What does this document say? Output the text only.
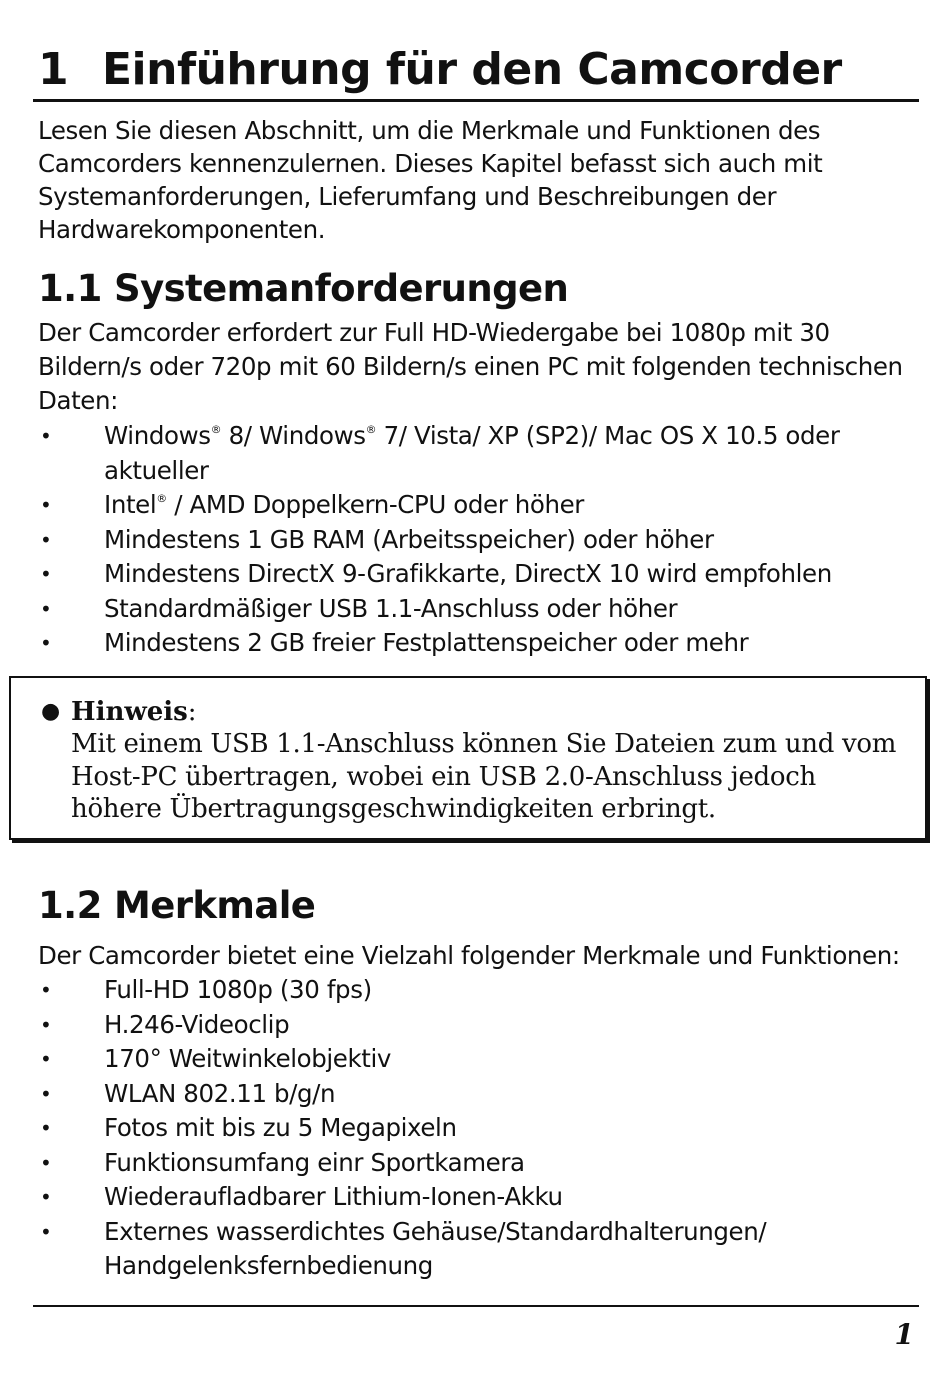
1 Einführung für den Camcorder
Lesen Sie diesen Abschnitt, um die Merkmale und Funktionen des
Camcorders kennenzulernen. Dieses Kapitel befasst sich auch mit
Systemanforderungen, Lieferumfang und Beschreibungen der
Hardwarekomponenten.
1.1 Systemanforderungen
Der Camcorder erfordert zur Full HD-Wiedergabe bei 1080p mit 30
Bildern/s oder 720p mit 60 Bildern/s einen PC mit folgenden technischen
Daten:
•	Windows® 8/ Windows® 7/ Vista/ XP (SP2)/ Mac OS X 10.5 oder
aktueller
•	Intel® / AMD Doppelkern-CPU oder höher
•	Mindestens 1 GB RAM (Arbeitsspeicher) oder höher
•	Mindestens DirectX 9-Grafikkarte, DirectX 10 wird empfohlen
•	Standardmäßiger USB 1.1-Anschluss oder höher
•	Mindestens 2 GB freier Festplattenspeicher oder mehr
● Hinweis:
Mit einem USB 1.1-Anschluss können Sie Dateien zum und vom
Host-PC übertragen, wobei ein USB 2.0-Anschluss jedoch
höhere Übertragungsgeschwindigkeiten erbringt.
1.2 Merkmale
Der Camcorder bietet eine Vielzahl folgender Merkmale und Funktionen:
•	Full-HD 1080p (30 fps)
•	H.246-Videoclip
•	170° Weitwinkelobjektiv
•	WLAN 802.11 b/g/n
•	Fotos mit bis zu 5 Megapixeln
•	Funktionsumfang einr Sportkamera
•	Wiederaufladbarer Lithium-Ionen-Akku
•	Externes wasserdichtes Gehäuse/Standardhalterungen/
Handgelenksfernbedienung
1
